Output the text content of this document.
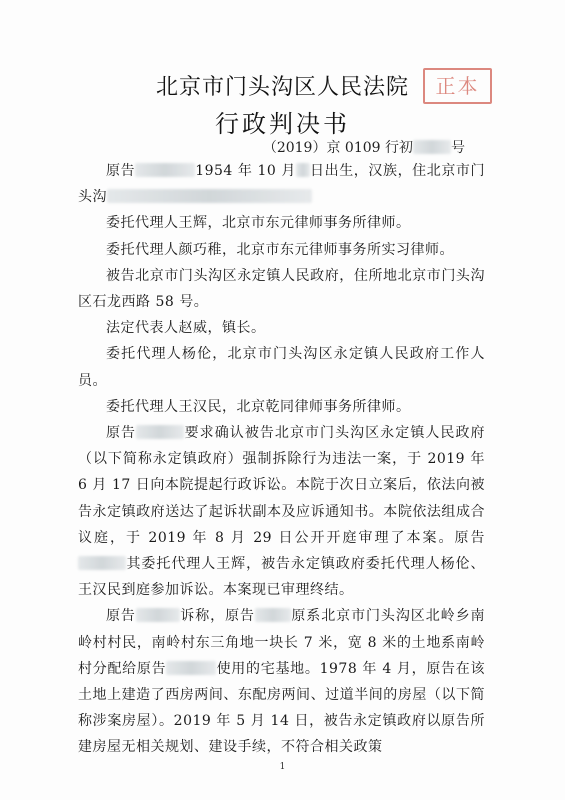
北京市门头沟区人民法院	正本
行政判决书
（2019）京 0109 行初	号

原告	1954 年 10 月 日出生，汉族，住北京市门头沟

委托代理人王辉，北京市东元律师事务所律师。

委托代理人颜巧稚，北京市东元律师事务所实习律师。

被告北京市门头沟区永定镇人民政府，住所地北京市门头沟区石龙西路 58 号。

法定代表人赵威，镇长。

委托代理人杨伦，北京市门头沟区永定镇人民政府工作人员。

委托代理人王汉民，北京乾同律师事务所律师。

原告	要求确认被告北京市门头沟区永定镇人民政府（以下简称永定镇政府）强制拆除行为违法一案，于 2019 年 6 月 17 日向本院提起行政诉讼。本院于次日立案后，依法向被告永定镇政府送达了起诉状副本及应诉通知书。本院依法组成合议庭，于 2019 年 8 月 29 日公开开庭审理了本案。原告其委托代理人王辉，被告永定镇政府委托代理人杨伦、王汉民到庭参加诉讼。本案现已审理终结。

原告	诉称，原告	原系北京市门头沟区北岭乡南岭村村民，南岭村东三角地一块长 7 米，宽 8 米的土地系南岭村分配给原告	使用的宅基地。1978 年 4 月，原告在该土地上建造了西房两间、东配房两间、过道半间的房屋（以下简称涉案房屋）。2019 年 5 月 14 日，被告永定镇政府以原告所建房屋无相关规划、建设手续，不符合相关政策

1
